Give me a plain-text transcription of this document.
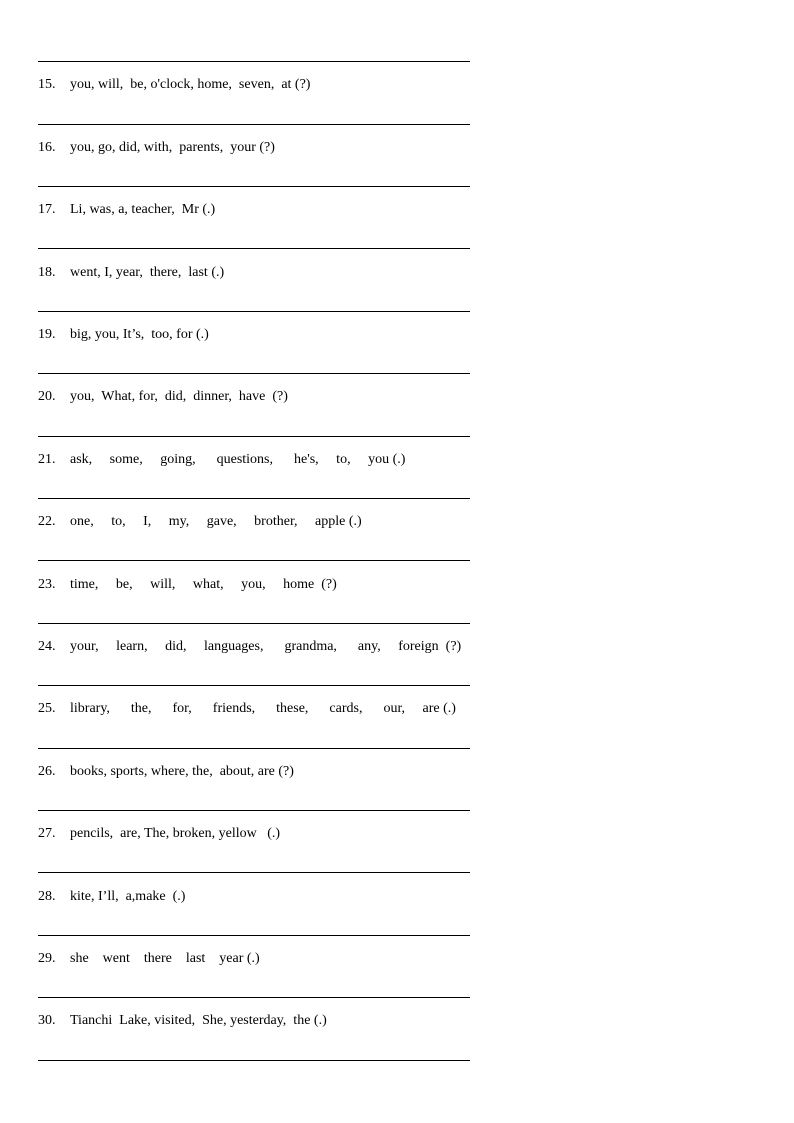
15. you, will,  be, o'clock, home,  seven,  at (?)
16. you, go, did, with,  parents,  your (?)
17. Li, was, a, teacher,  Mr (.)
18. went, I, year,  there,  last (.)
19. big, you, It’s,  too, for (.)
20. you,  What, for,  did,  dinner,  have  (?)
21. ask,     some,     going,      questions,      he's,     to,     you (.)
22. one,     to,     I,     my,     gave,     brother,     apple (.)
23. time,     be,     will,     what,     you,     home  (?)
24. your,     learn,     did,     languages,      grandma,      any,     foreign  (?)
25. library,      the,      for,      friends,      these,      cards,      our,     are (.)
26. books, sports, where, the,  about, are (?)
27. pencils,  are, The, broken, yellow   (.)
28. kite, I’ll,  a,make  (.)
29. she    went    there    last    year (.)
30. Tianchi  Lake, visited,  She, yesterday,  the (.)
